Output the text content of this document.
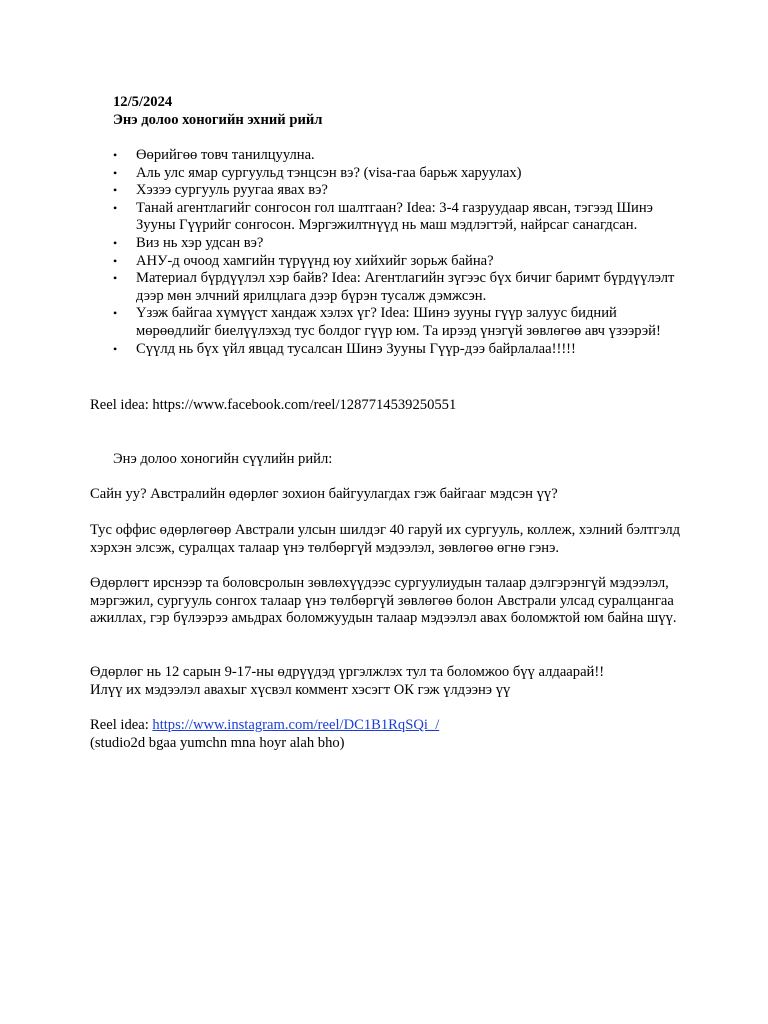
12/5/2024
Энэ долоо хоногийн эхний рийл
• Өөрийгөө товч танилцуулна.
• Аль улс ямар сургуульд тэнцсэн вэ? (visa-гаа барьж харуулах)
• Хэзээ сургууль руугаа явах вэ?
• Танай агентлагийг сонгосон гол шалтгаан? Idea: 3-4 газруудаар явсан, тэгээд Шинэ Зууны Гүүрийг сонгосон. Мэргэжилтнүүд нь маш мэдлэгтэй, найрсаг санагдсан.
• Виз нь хэр удсан вэ?
• АНУ-д очоод хамгийн түрүүнд юу хийхийг зорьж байна?
• Материал бүрдүүлэл хэр байв? Idea: Агентлагийн зүгээс бүх бичиг баримт бүрдүүлэлт дээр мөн элчний ярилцлага дээр бүрэн тусалж дэмжсэн.
• Үзэж байгаа хүмүүст хандаж хэлэх үг? Idea: Шинэ зууны гүүр залуус бидний мөрөөдлийг биелүүлэхэд тус болдог гүүр юм. Та ирээд үнэгүй зөвлөгөө авч үзээрэй!
• Сүүлд нь бүх үйл явцад тусалсан Шинэ Зууны Гүүр-дээ байрлалаа!!!!!

Reel idea: https://www.facebook.com/reel/1287714539250551

Энэ долоо хоногийн сүүлийн рийл:

Сайн уу? Австралийн өдөрлөг зохион байгуулагдах гэж байгааг мэдсэн үү?

Тус оффис өдөрлөгөөр Австрали улсын шилдэг 40 гаруй их сургууль, коллеж, хэлний бэлтгэлд хэрхэн элсэж, суралцах талаар үнэ төлбөргүй мэдээлэл, зөвлөгөө өгнө гэнэ.

Өдөрлөгт ирснээр та боловсролын зөвлөхүүдээс сургуулиудын талаар дэлгэрэнгүй мэдээлэл, мэргэжил, сургууль сонгох талаар үнэ төлбөргүй зөвлөгөө болон Австрали улсад суралцангаа ажиллах, гэр бүлээрээ амьдрах боломжуудын талаар мэдээлэл авах боломжтой юм байна шүү.

Өдөрлөг нь 12 сарын 9-17-ны өдрүүдэд үргэлжлэх тул та боломжоо бүү алдаарай!!
Илүү их мэдээлэл авахыг хүсвэл коммент хэсэгт ОК гэж үлдээнэ үү

Reel idea: https://www.instagram.com/reel/DC1B1RqSQi_/

(studio2d bgaa yumchn mna hoyr alah bho)
